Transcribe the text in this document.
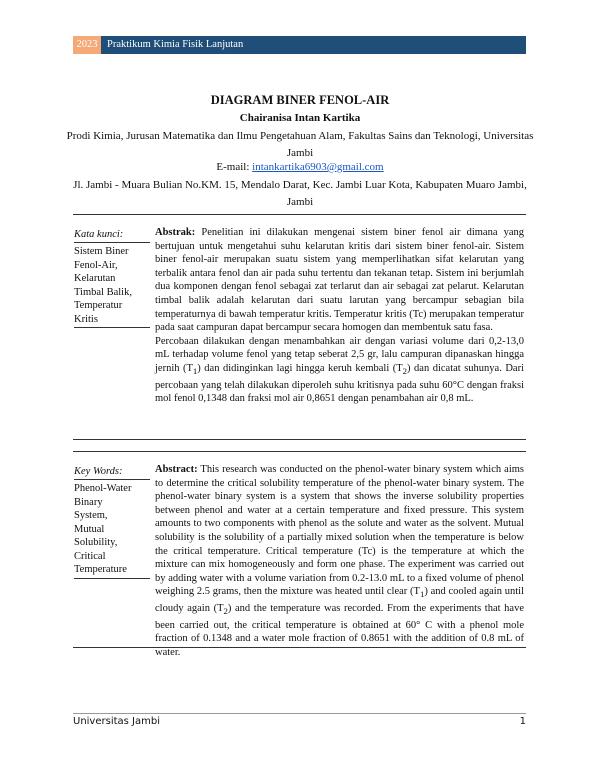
2023 Praktikum Kimia Fisik Lanjutan
DIAGRAM BINER FENOL-AIR
Chairanisa Intan Kartika
Prodi Kimia, Jurusan Matematika dan Ilmu Pengetahuan Alam, Fakultas Sains dan Teknologi, Universitas Jambi
E-mail: intankartika6903@gmail.com
Jl. Jambi - Muara Bulian No.KM. 15, Mendalo Darat, Kec. Jambi Luar Kota, Kabupaten Muaro Jambi, Jambi
Kata kunci:
Sistem Biner
Fenol-Air,
Kelarutan
Timbal Balik,
Temperatur
Kritis
Abstrak: Penelitian ini dilakukan mengenai sistem biner fenol air dimana yang bertujuan untuk mengetahui suhu kelarutan kritis dari sistem biner fenol-air. Sistem biner fenol-air merupakan suatu sistem yang memperlihatkan sifat kelarutan yang terbalik antara fenol dan air pada suhu tertentu dan tekanan tetap. Sistem ini berjumlah dua komponen dengan fenol sebagai zat terlarut dan air sebagai zat pelarut. Kelarutan timbal balik adalah kelarutan dari suatu larutan yang bercampur sebagian bila temperaturnya di bawah temperatur kritis. Temperatur kritis (Tc) merupakan temperatur pada saat campuran dapat bercampur secara homogen dan membentuk satu fasa.
Percobaan dilakukan dengan menambahkan air dengan variasi volume dari 0,2-13,0 mL terhadap volume fenol yang tetap seberat 2,5 gr, lalu campuran dipanaskan hingga jernih $(T_1)$ dan didinginkan lagi hingga keruh kembali $(T_2)$ dan dicatat suhunya. Dari percobaan yang telah dilakukan diperoleh suhu kritisnya pada suhu 60°C dengan fraksi mol fenol 0,1348 dan fraksi mol air 0,8651 dengan penambahan air 0,8 mL.
Key Words:
Phenol-Water
Binary
System,
Mutual
Solubility,
Critical
Temperature
Abstract: This research was conducted on the phenol-water binary system which aims to determine the critical solubility temperature of the phenol-water binary system. The phenol-water binary system is a system that shows the inverse solubility properties between phenol and water at a certain temperature and fixed pressure. This system amounts to two components with phenol as the solute and water as the solvent. Mutual solubility is the solubility of a partially mixed solution when the temperature is below the critical temperature. Critical temperature (Tc) is the temperature at which the mixture can mix homogeneously and form one phase. The experiment was carried out by adding water with a volume variation from 0.2-13.0 mL to a fixed volume of phenol weighing 2.5 grams, then the mixture was heated until clear $(T_1)$ and cooled again until cloudy again $(T_2)$ and the temperature was recorded. From the experiments that have been carried out, the critical temperature is obtained at 60° C with a phenol mole fraction of 0.1348 and a water mole fraction of 0.8651 with the addition of 0.8 mL of water.
Universitas Jambi	1
